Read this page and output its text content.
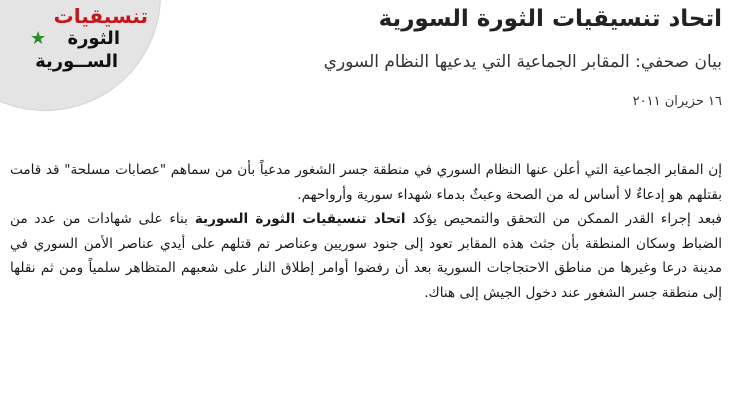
تنسيقيات
★	الثورة
الســورية
اتحاد تنسيقيات الثورة السورية
بيان صحفي: المقابر الجماعية التي يدعيها النظام السوري
١٦ حزيران ٢٠١١

إن المقابر الجماعية التي أعلن عنها النظام السوري في منطقة جسر الشغور مدعياً بأن من سماهم "عصابات مسلحة" قد قامت بقتلهم هو إدعاءٌ لا أساس له من الصحة وعبثٌ بدماء شهداء سورية وأرواحهم.

فبعد إجراء القدر الممكن من التحقق والتمحيص يؤكد اتحاد تنسيقيات الثورة السورية بناء على شهادات من عدد من الضباط وسكان المنطقة بأن جثث هذه المقابر تعود إلى جنود سوريين وعناصر تم قتلهم على أيدي عناصر الأمن السوري في مدينة درعا وغيرها من مناطق الاحتجاجات السورية بعد أن رفضوا أوامر إطلاق النار على شعبهم المتظاهر سلمياً ومن ثم نقلها إلى منطقة جسر الشغور عند دخول الجيش إلى هناك.
